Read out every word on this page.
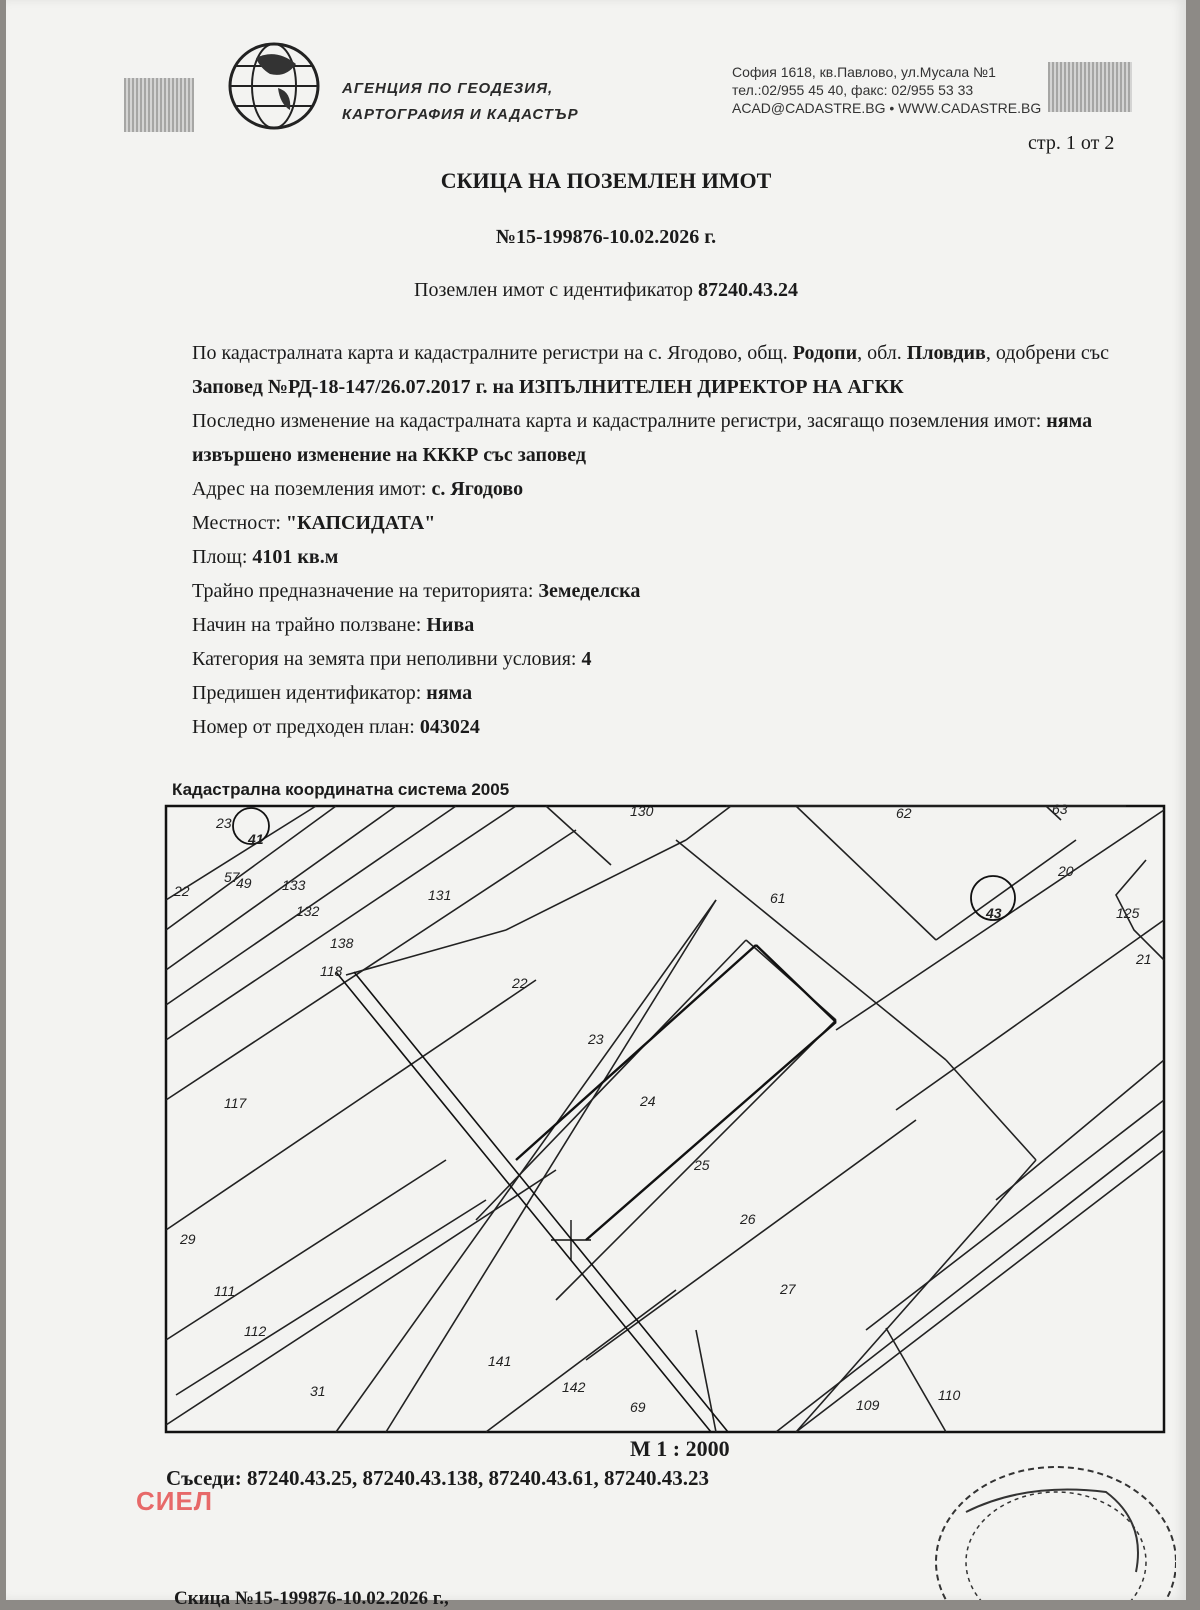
АГЕНЦИЯ ПО ГЕОДЕЗИЯ,
КАРТОГРАФИЯ И КАДАСТЪР
София 1618, кв.Павлово, ул.Мусала №1
тел.:02/955 45 40, факс: 02/955 53 33
ACAD@CADASTRE.BG • WWW.CADASTRE.BG
стр. 1 от 2
СКИЦА НА ПОЗЕМЛЕН ИМОТ
№15-199876-10.02.2026 г.
Поземлен имот с идентификатор 87240.43.24

По кадастралната карта и кадастралните регистри на с. Ягодово, общ. Родопи, обл. Пловдив, одобрени със Заповед №РД-18-147/26.07.2017 г. на ИЗПЪЛНИТЕЛЕН ДИРЕКТОР НА АГКК

Последно изменение на кадастралната карта и кадастралните регистри, засягащо поземления имот: няма извършено изменение на КККР със заповед

Адрес на поземления имот: с. Ягодово

Местност: "КАПСИДАТА"

Площ: 4101 кв.м

Трайно предназначение на територията: Земеделска

Начин на трайно ползване: Нива

Категория на земята при неполивни условия: 4

Предишен идентификатор: няма

Номер от предходен план: 043024

Кадастрална координатна система 2005
23
41
22
57
49 133
132
138
118
131
130	62	63
20
61
43	125
21
22
23
24
25
26
27
117
29
111
112
31
141
142
69	109
110
М 1 : 2000
Съседи: 87240.43.25, 87240.43.138, 87240.43.61, 87240.43.23
СИЕЛ
Скица №15-199876-10.02.2026 г.,
